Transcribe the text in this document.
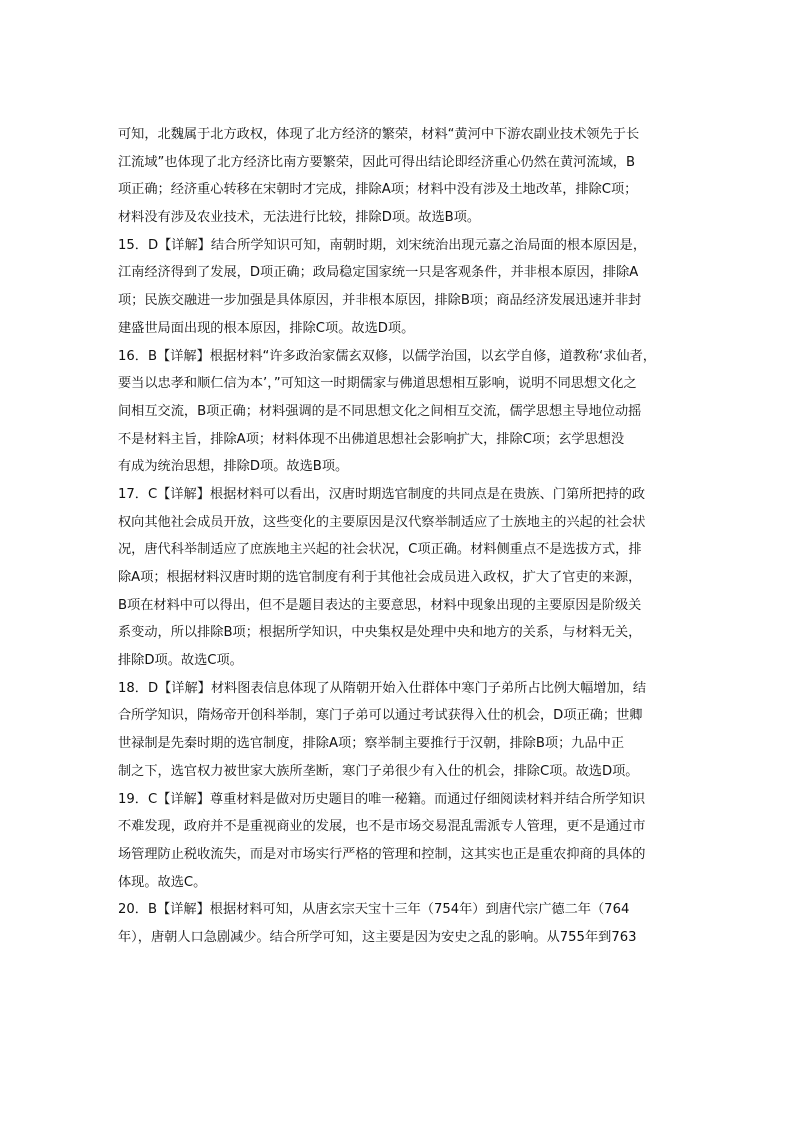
可知，北魏属于北方政权，体现了北方经济的繁荣，材料“黄河中下游农副业技术领先于长
江流域”也体现了北方经济比南方要繁荣，因此可得出结论即经济重心仍然在黄河流域，B
项正确；经济重心转移在宋朝时才完成，排除A项；材料中没有涉及土地改革，排除C项；
材料没有涉及农业技术，无法进行比较，排除D项。故选B项。
15．D【详解】结合所学知识可知，南朝时期，刘宋统治出现元嘉之治局面的根本原因是，
江南经济得到了发展，D项正确；政局稳定国家统一只是客观条件，并非根本原因，排除A
项；民族交融进一步加强是具体原因，并非根本原因，排除B项；商品经济发展迅速并非封
建盛世局面出现的根本原因，排除C项。故选D项。
16．B【详解】根据材料“许多政治家儒玄双修，以儒学治国，以玄学自修，道教称‘求仙者，
要当以忠孝和顺仁信为本’，”可知这一时期儒家与佛道思想相互影响，说明不同思想文化之
间相互交流，B项正确；材料强调的是不同思想文化之间相互交流，儒学思想主导地位动摇
不是材料主旨，排除A项；材料体现不出佛道思想社会影响扩大，排除C项；玄学思想没
有成为统治思想，排除D项。故选B项。
17．C【详解】根据材料可以看出，汉唐时期选官制度的共同点是在贵族、门第所把持的政
权向其他社会成员开放，这些变化的主要原因是汉代察举制适应了士族地主的兴起的社会状
况，唐代科举制适应了庶族地主兴起的社会状况，C项正确。材料侧重点不是选拔方式，排
除A项；根据材料汉唐时期的选官制度有利于其他社会成员进入政权，扩大了官吏的来源，
B项在材料中可以得出，但不是题目表达的主要意思，材料中现象出现的主要原因是阶级关
系变动，所以排除B项；根据所学知识，中央集权是处理中央和地方的关系，与材料无关，
排除D项。故选C项。
18．D【详解】材料图表信息体现了从隋朝开始入仕群体中寒门子弟所占比例大幅增加，结
合所学知识，隋炀帝开创科举制，寒门子弟可以通过考试获得入仕的机会，D项正确；世卿
世禄制是先秦时期的选官制度，排除A项；察举制主要推行于汉朝，排除B项；九品中正
制之下，选官权力被世家大族所垄断，寒门子弟很少有入仕的机会，排除C项。故选D项。
19．C【详解】尊重材料是做对历史题目的唯一秘籍。而通过仔细阅读材料并结合所学知识
不难发现，政府并不是重视商业的发展，也不是市场交易混乱需派专人管理，更不是通过市
场管理防止税收流失，而是对市场实行严格的管理和控制，这其实也正是重农抑商的具体的
体现。故选C。
20．B【详解】根据材料可知，从唐玄宗天宝十三年（754年）到唐代宗广德二年（764
年），唐朝人口急剧减少。结合所学可知，这主要是因为安史之乱的影响。从755年到763
